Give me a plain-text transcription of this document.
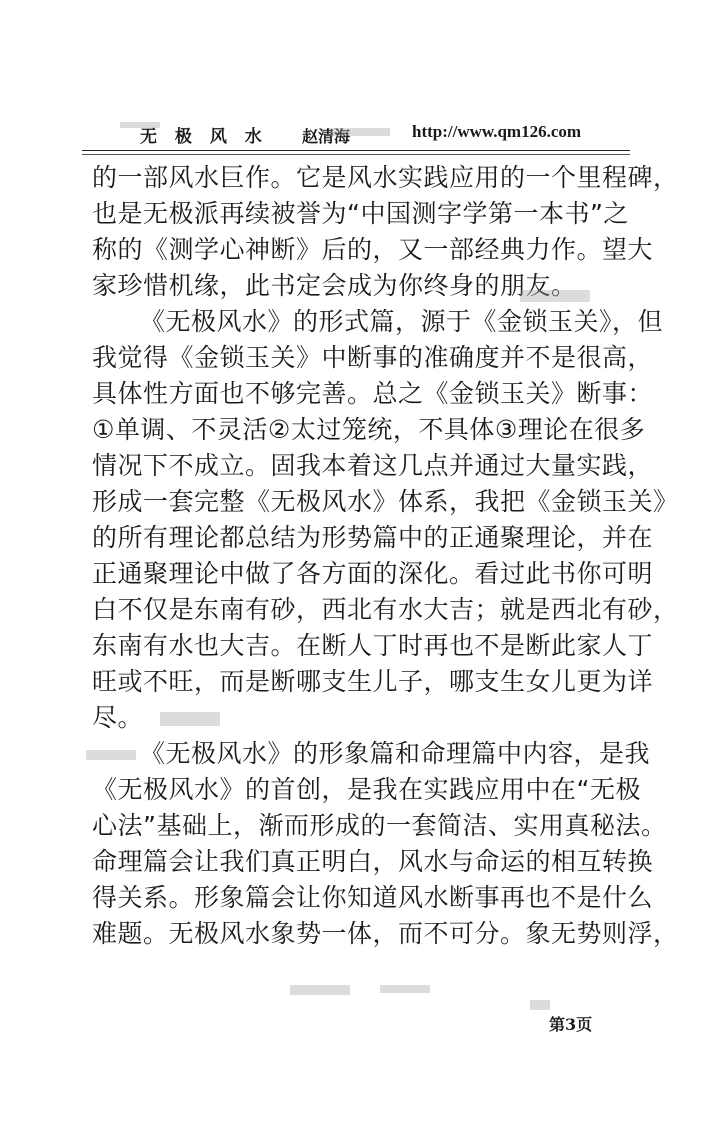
无 极 风 水 赵清海	http://www.qm126.com
的一部风水巨作。它是风水实践应用的一个里程碑，
也是无极派再续被誉为“中国测字学第一本书”之
称的《测学心神断》后的，又一部经典力作。望大
家珍惜机缘，此书定会成为你终身的朋友。
《无极风水》的形式篇，源于《金锁玉关》，但
我觉得《金锁玉关》中断事的准确度并不是很高，
具体性方面也不够完善。总之《金锁玉关》断事：
①单调、不灵活②太过笼统，不具体③理论在很多
情况下不成立。固我本着这几点并通过大量实践，
形成一套完整《无极风水》体系，我把《金锁玉关》
的所有理论都总结为形势篇中的正通聚理论，并在
正通聚理论中做了各方面的深化。看过此书你可明
白不仅是东南有砂，西北有水大吉；就是西北有砂，
东南有水也大吉。在断人丁时再也不是断此家人丁
旺或不旺，而是断哪支生儿子，哪支生女儿更为详
尽。
《无极风水》的形象篇和命理篇中内容，是我
《无极风水》的首创，是我在实践应用中在“无极
心法”基础上，渐而形成的一套简洁、实用真秘法。
命理篇会让我们真正明白，风水与命运的相互转换
得关系。形象篇会让你知道风水断事再也不是什么
难题。无极风水象势一体，而不可分。象无势则浮，
第3页
